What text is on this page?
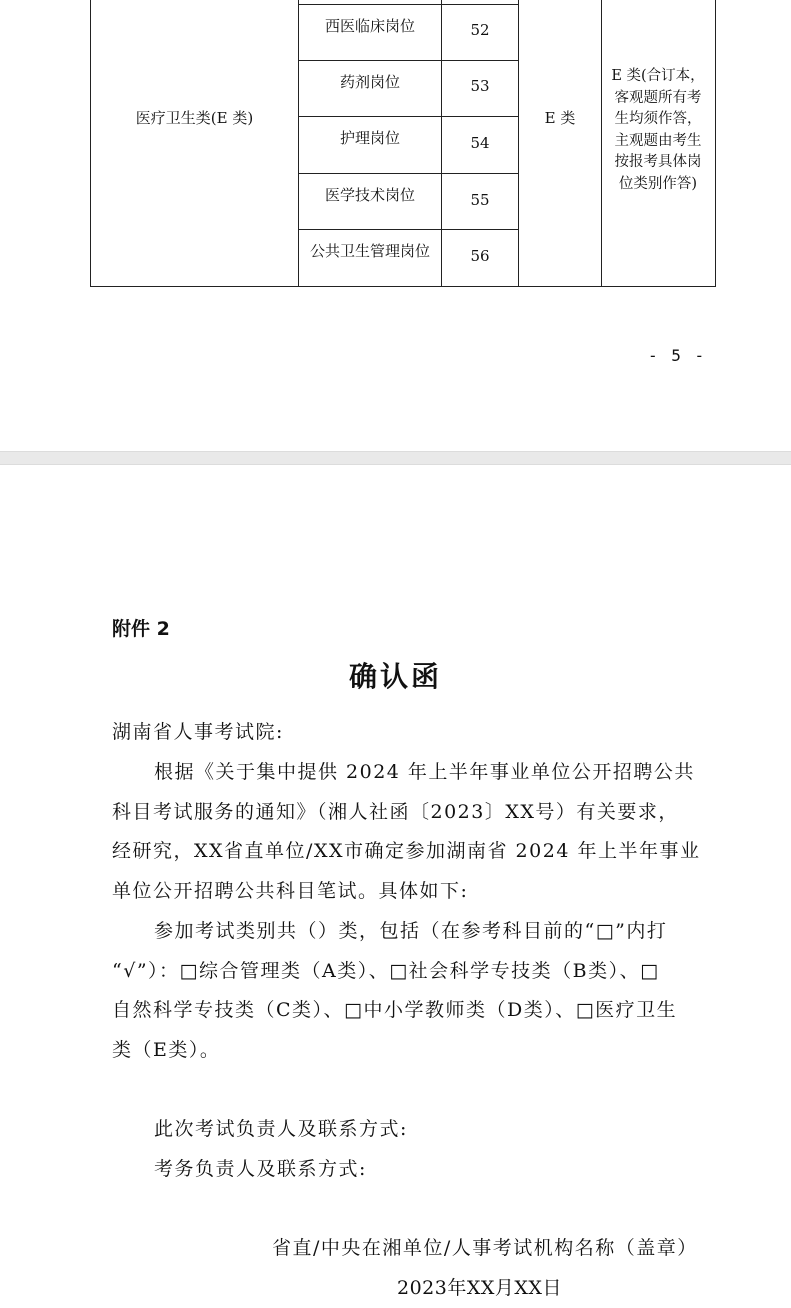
医疗卫生类(E 类)
西医临床岗位	52
药剂岗位	53
护理岗位	54
医学技术岗位	55
公共卫生管理岗位	56
E 类
E 类(合订本，
客观题所有考
生均须作答，
主观题由考生
按报考具体岗
位类别作答)
- 5 -
附件 2
确认函
湖南省人事考试院:
根据《关于集中提供 2024 年上半年事业单位公开招聘公共
科目考试服务的通知》（湘人社函〔2023〕XX号）有关要求，
经研究，XX省直单位/XX市确定参加湖南省 2024 年上半年事业
单位公开招聘公共科目笔试。具体如下:
参加考试类别共（）类，包括（在参考科目前的“□”内打
“√”）：□综合管理类（A类）、□社会科学专技类（B类）、□
自然科学专技类（C类）、□中小学教师类（D类）、□医疗卫生
类（E类）。
此次考试负责人及联系方式:
考务负责人及联系方式:
省直/中央在湘单位/人事考试机构名称（盖章）
2023年XX月XX日
